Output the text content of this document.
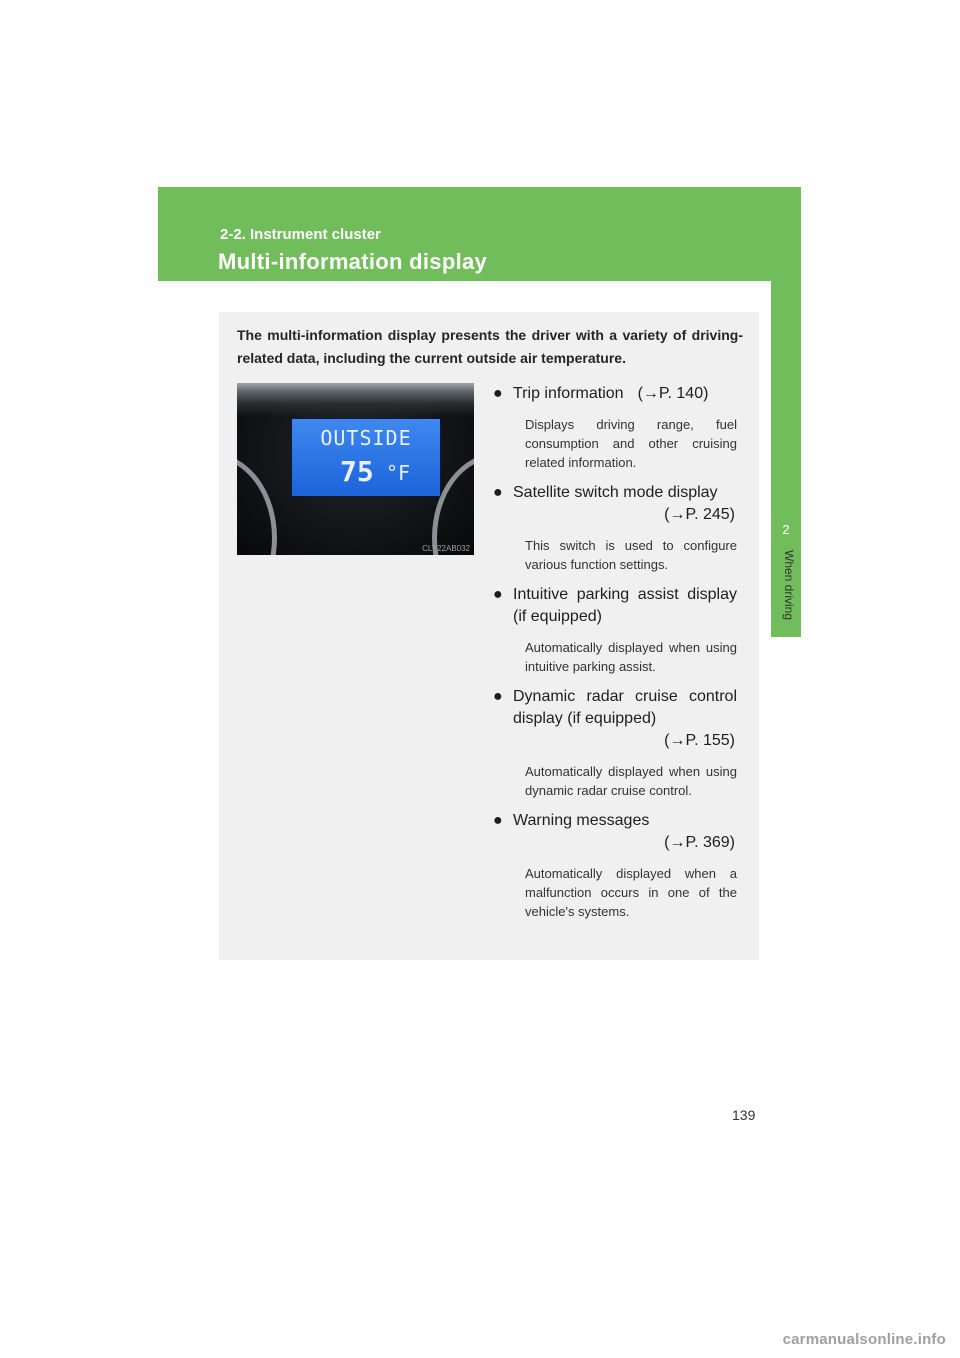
2-2. Instrument cluster
Multi-information display
2
When driving
The multi-information display presents the driver with a variety of driving-related data, including the current outside air temperature.
OUTSIDE
75 °F
CLY22AB032
● Trip information (→P. 140)
Displays driving range, fuel consumption and other cruising related information.
● Satellite switch mode display
(→P. 245)
This switch is used to configure various function settings.
● Intuitive parking assist display (if equipped)
Automatically displayed when using intuitive parking assist.
● Dynamic radar cruise control display (if equipped)
(→P. 155)
Automatically displayed when using dynamic radar cruise control.
● Warning messages
(→P. 369)
Automatically displayed when a malfunction occurs in one of the vehicle's systems.
139
carmanualsonline.info
